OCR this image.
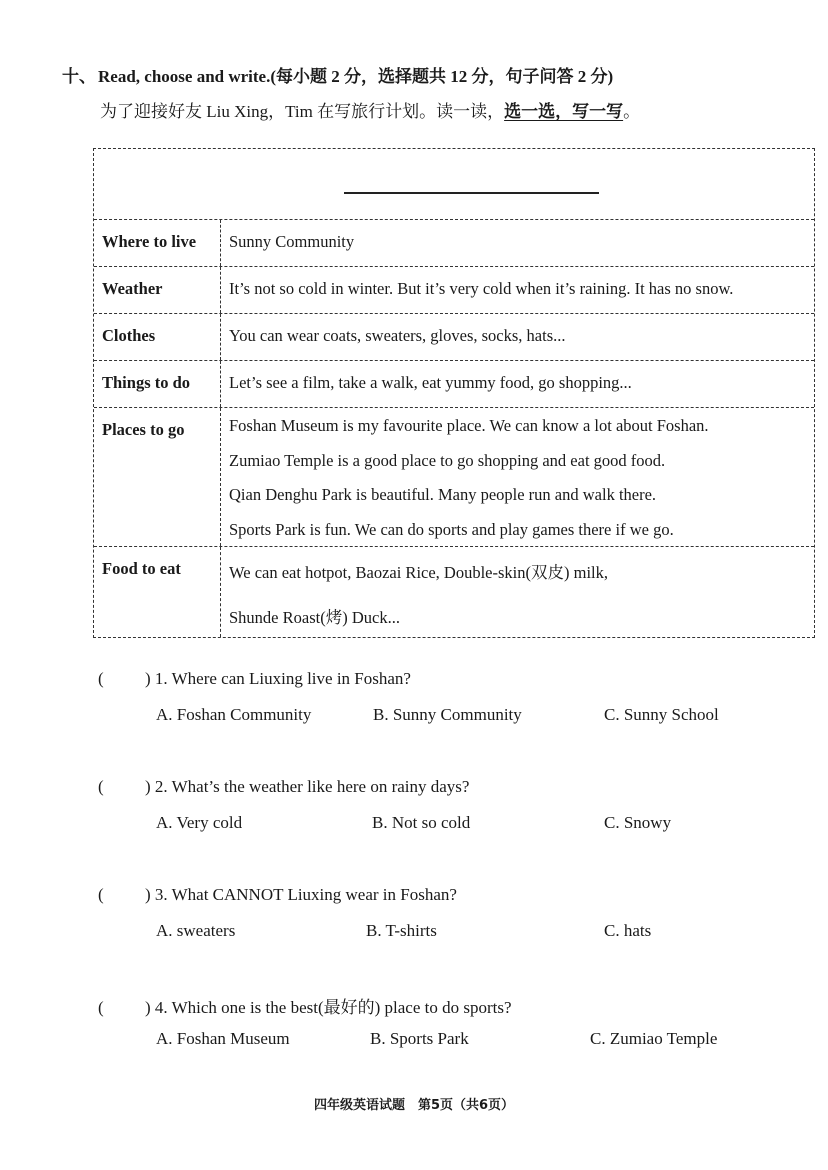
十、 Read, choose and write.(每小题 2 分，选择题共 12 分，句子问答 2 分)
为了迎接好友 Liu Xing，Tim 在写旅行计划。读一读，选一选，写一写。
Where to live	Sunny Community
Weather	It’s not so cold in winter. But it’s very cold when it’s raining. It has no snow.
Clothes	You can wear coats, sweaters, gloves, socks, hats...
Things to do	Let’s see a film, take a walk, eat yummy food, go shopping...
Places to go	Foshan Museum is my favourite place. We can know a lot about Foshan.
Zumiao Temple is a good place to go shopping and eat good food.
Qian Denghu Park is beautiful. Many people run and walk there.
Sports Park is fun. We can do sports and play games there if we go.
Food to eat	We can eat hotpot, Baozai Rice, Double-skin(双皮) milk,
Shunde Roast(烤) Duck...
( ) 1. Where can Liuxing live in Foshan?
A. Foshan Community	B. Sunny Community	C. Sunny School
( ) 2. What’s the weather like here on rainy days?
A. Very cold	B. Not so cold	C. Snowy
( ) 3. What CANNOT Liuxing wear in Foshan?
A. sweaters	B. T-shirts	C. hats
( ) 4. Which one is the best(最好的) place to do sports?
A. Foshan Museum	B. Sports Park	C. Zumiao Temple
四年级英语试题　第5页（共6页）
